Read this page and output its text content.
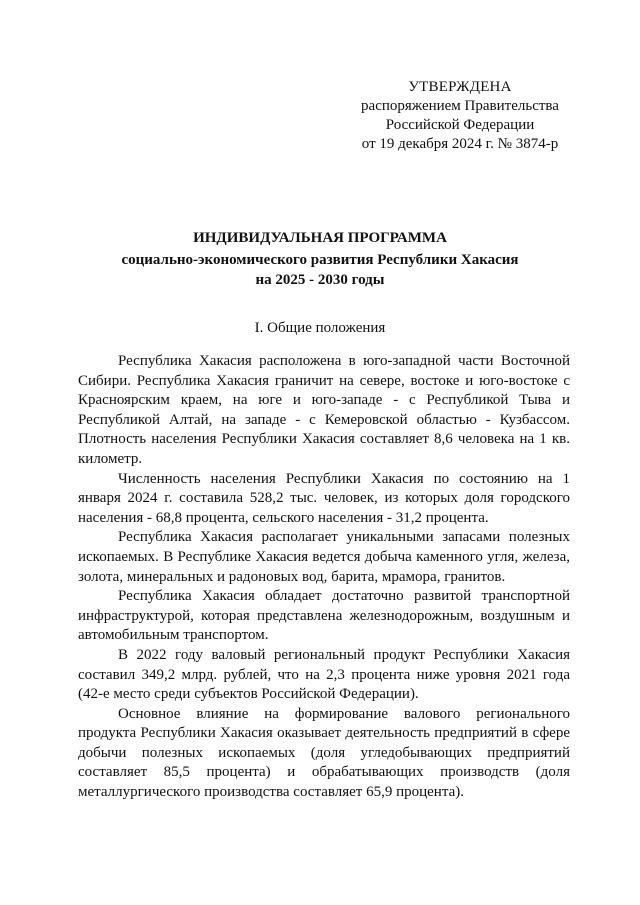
УТВЕРЖДЕНА
распоряжением Правительства
Российской Федерации
от 19 декабря 2024 г. № 3874-р
ИНДИВИДУАЛЬНАЯ ПРОГРАММА
социально-экономического развития Республики Хакасия
на 2025 - 2030 годы
I. Общие положения

Республика Хакасия расположена в юго-западной части Восточной Сибири. Республика Хакасия граничит на севере, востоке и юго-востоке с Красноярским краем, на юге и юго-западе - с Республикой Тыва и Республикой Алтай, на западе - с Кемеровской областью - Кузбассом. Плотность населения Республики Хакасия составляет 8,6 человека на 1 кв. километр.

Численность населения Республики Хакасия по состоянию на 1 января 2024 г. составила 528,2 тыс. человек, из которых доля городского населения - 68,8 процента, сельского населения - 31,2 процента.

Республика Хакасия располагает уникальными запасами полезных ископаемых. В Республике Хакасия ведется добыча каменного угля, железа, золота, минеральных и радоновых вод, барита, мрамора, гранитов.

Республика Хакасия обладает достаточно развитой транспортной инфраструктурой, которая представлена железнодорожным, воздушным и автомобильным транспортом.

В 2022 году валовый региональный продукт Республики Хакасия составил 349,2 млрд. рублей, что на 2,3 процента ниже уровня 2021 года (42-е место среди субъектов Российской Федерации).

Основное влияние на формирование валового регионального продукта Республики Хакасия оказывает деятельность предприятий в сфере добычи полезных ископаемых (доля угледобывающих предприятий составляет 85,5 процента) и обрабатывающих производств (доля металлургического производства составляет 65,9 процента).
